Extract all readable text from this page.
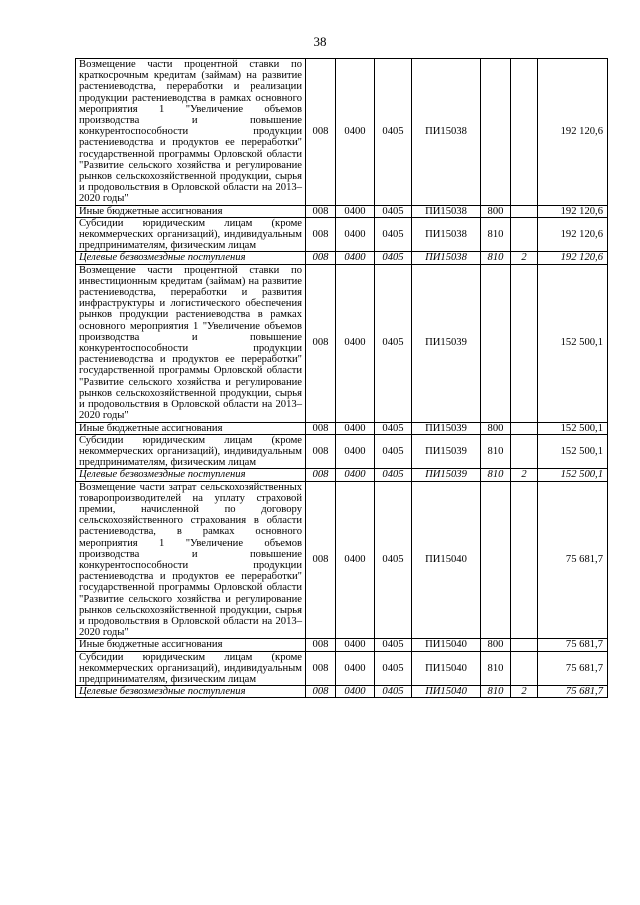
38
Возмещение части процентной ставки по краткосрочным кредитам (займам) на развитие растениеводства, переработки и реализации продукции растениеводства в рамках основного мероприятия 1 "Увеличение объемов производства и повышение конкурентоспособности продукции растениеводства и продуктов ее переработки" государственной программы Орловской области "Развитие сельского хозяйства и регулирование рынков сельскохозяйственной продукции, сырья и продовольствия в Орловской области на 2013–2020 годы"	008	0400	0405	ПИ15038			192 120,6
Иные бюджетные ассигнования	008	0400	0405	ПИ15038	800		192 120,6
Субсидии юридическим лицам (кроме некоммерческих организаций), индивидуальным предпринимателям, физическим лицам	008	0400	0405	ПИ15038	810		192 120,6
Целевые безвозмездные поступления	008	0400	0405	ПИ15038	810	2	192 120,6
Возмещение части процентной ставки по инвестиционным кредитам (займам) на развитие растениеводства, переработки и развития инфраструктуры и логистического обеспечения рынков продукции растениеводства в рамках основного мероприятия 1 "Увеличение объемов производства и повышение конкурентоспособности продукции растениеводства и продуктов ее переработки" государственной программы Орловской области "Развитие сельского хозяйства и регулирование рынков сельскохозяйственной продукции, сырья и продовольствия в Орловской области на 2013–2020 годы"	008	0400	0405	ПИ15039			152 500,1
Иные бюджетные ассигнования	008	0400	0405	ПИ15039	800		152 500,1
Субсидии юридическим лицам (кроме некоммерческих организаций), индивидуальным предпринимателям, физическим лицам	008	0400	0405	ПИ15039	810		152 500,1
Целевые безвозмездные поступления	008	0400	0405	ПИ15039	810	2	152 500,1
Возмещение части затрат сельскохозяйственных товаропроизводителей на уплату страховой премии, начисленной по договору сельскохозяйственного страхования в области растениеводства, в рамках основного мероприятия 1 "Увеличение объемов производства и повышение конкурентоспособности продукции растениеводства и продуктов ее переработки" государственной программы Орловской области "Развитие сельского хозяйства и регулирование рынков сельскохозяйственной продукции, сырья и продовольствия в Орловской области на 2013–2020 годы"	008	0400	0405	ПИ15040			75 681,7
Иные бюджетные ассигнования	008	0400	0405	ПИ15040	800		75 681,7
Субсидии юридическим лицам (кроме некоммерческих организаций), индивидуальным предпринимателям, физическим лицам	008	0400	0405	ПИ15040	810		75 681,7
Целевые безвозмездные поступления	008	0400	0405	ПИ15040	810	2	75 681,7
